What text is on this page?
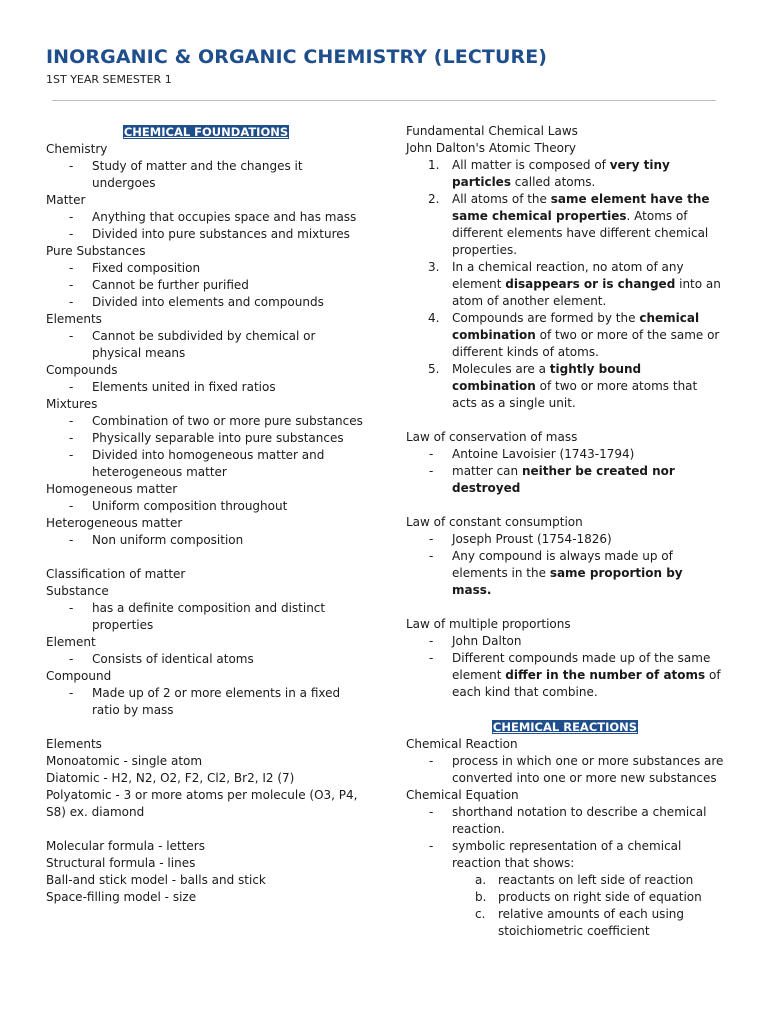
INORGANIC & ORGANIC CHEMISTRY (LECTURE)
1ST YEAR SEMESTER 1
CHEMICAL FOUNDATIONS
Chemistry
- Study of matter and the changes it undergoes
Matter
- Anything that occupies space and has mass
- Divided into pure substances and mixtures
Pure Substances
- Fixed composition
- Cannot be further purified
- Divided into elements and compounds
Elements
- Cannot be subdivided by chemical or physical means
Compounds
- Elements united in fixed ratios
Mixtures
- Combination of two or more pure substances
- Physically separable into pure substances
- Divided into homogeneous matter and heterogeneous matter
Homogeneous matter
- Uniform composition throughout
Heterogeneous matter
- Non uniform composition
Classification of matter
Substance
- has a definite composition and distinct properties
Element
- Consists of identical atoms
Compound
- Made up of 2 or more elements in a fixed ratio by mass
Elements
Monoatomic - single atom
Diatomic - H2, N2, O2, F2, Cl2, Br2, I2 (7)
Polyatomic - 3 or more atoms per molecule (O3, P4, S8) ex. diamond
Molecular formula - letters
Structural formula - lines
Ball-and stick model - balls and stick
Space-filling model - size
Fundamental Chemical Laws
John Dalton's Atomic Theory
1. All matter is composed of very tiny particles called atoms.
2. All atoms of the same element have the same chemical properties. Atoms of different elements have different chemical properties.
3. In a chemical reaction, no atom of any element disappears or is changed into an atom of another element.
4. Compounds are formed by the chemical combination of two or more of the same or different kinds of atoms.
5. Molecules are a tightly bound combination of two or more atoms that acts as a single unit.
Law of conservation of mass
- Antoine Lavoisier (1743-1794)
- matter can neither be created nor destroyed
Law of constant consumption
- Joseph Proust (1754-1826)
- Any compound is always made up of elements in the same proportion by mass.
Law of multiple proportions
- John Dalton
- Different compounds made up of the same element differ in the number of atoms of each kind that combine.
CHEMICAL REACTIONS
Chemical Reaction
- process in which one or more substances are converted into one or more new substances
Chemical Equation
- shorthand notation to describe a chemical reaction.
- symbolic representation of a chemical reaction that shows:
a. reactants on left side of reaction
b. products on right side of equation
c. relative amounts of each using stoichiometric coefficient
